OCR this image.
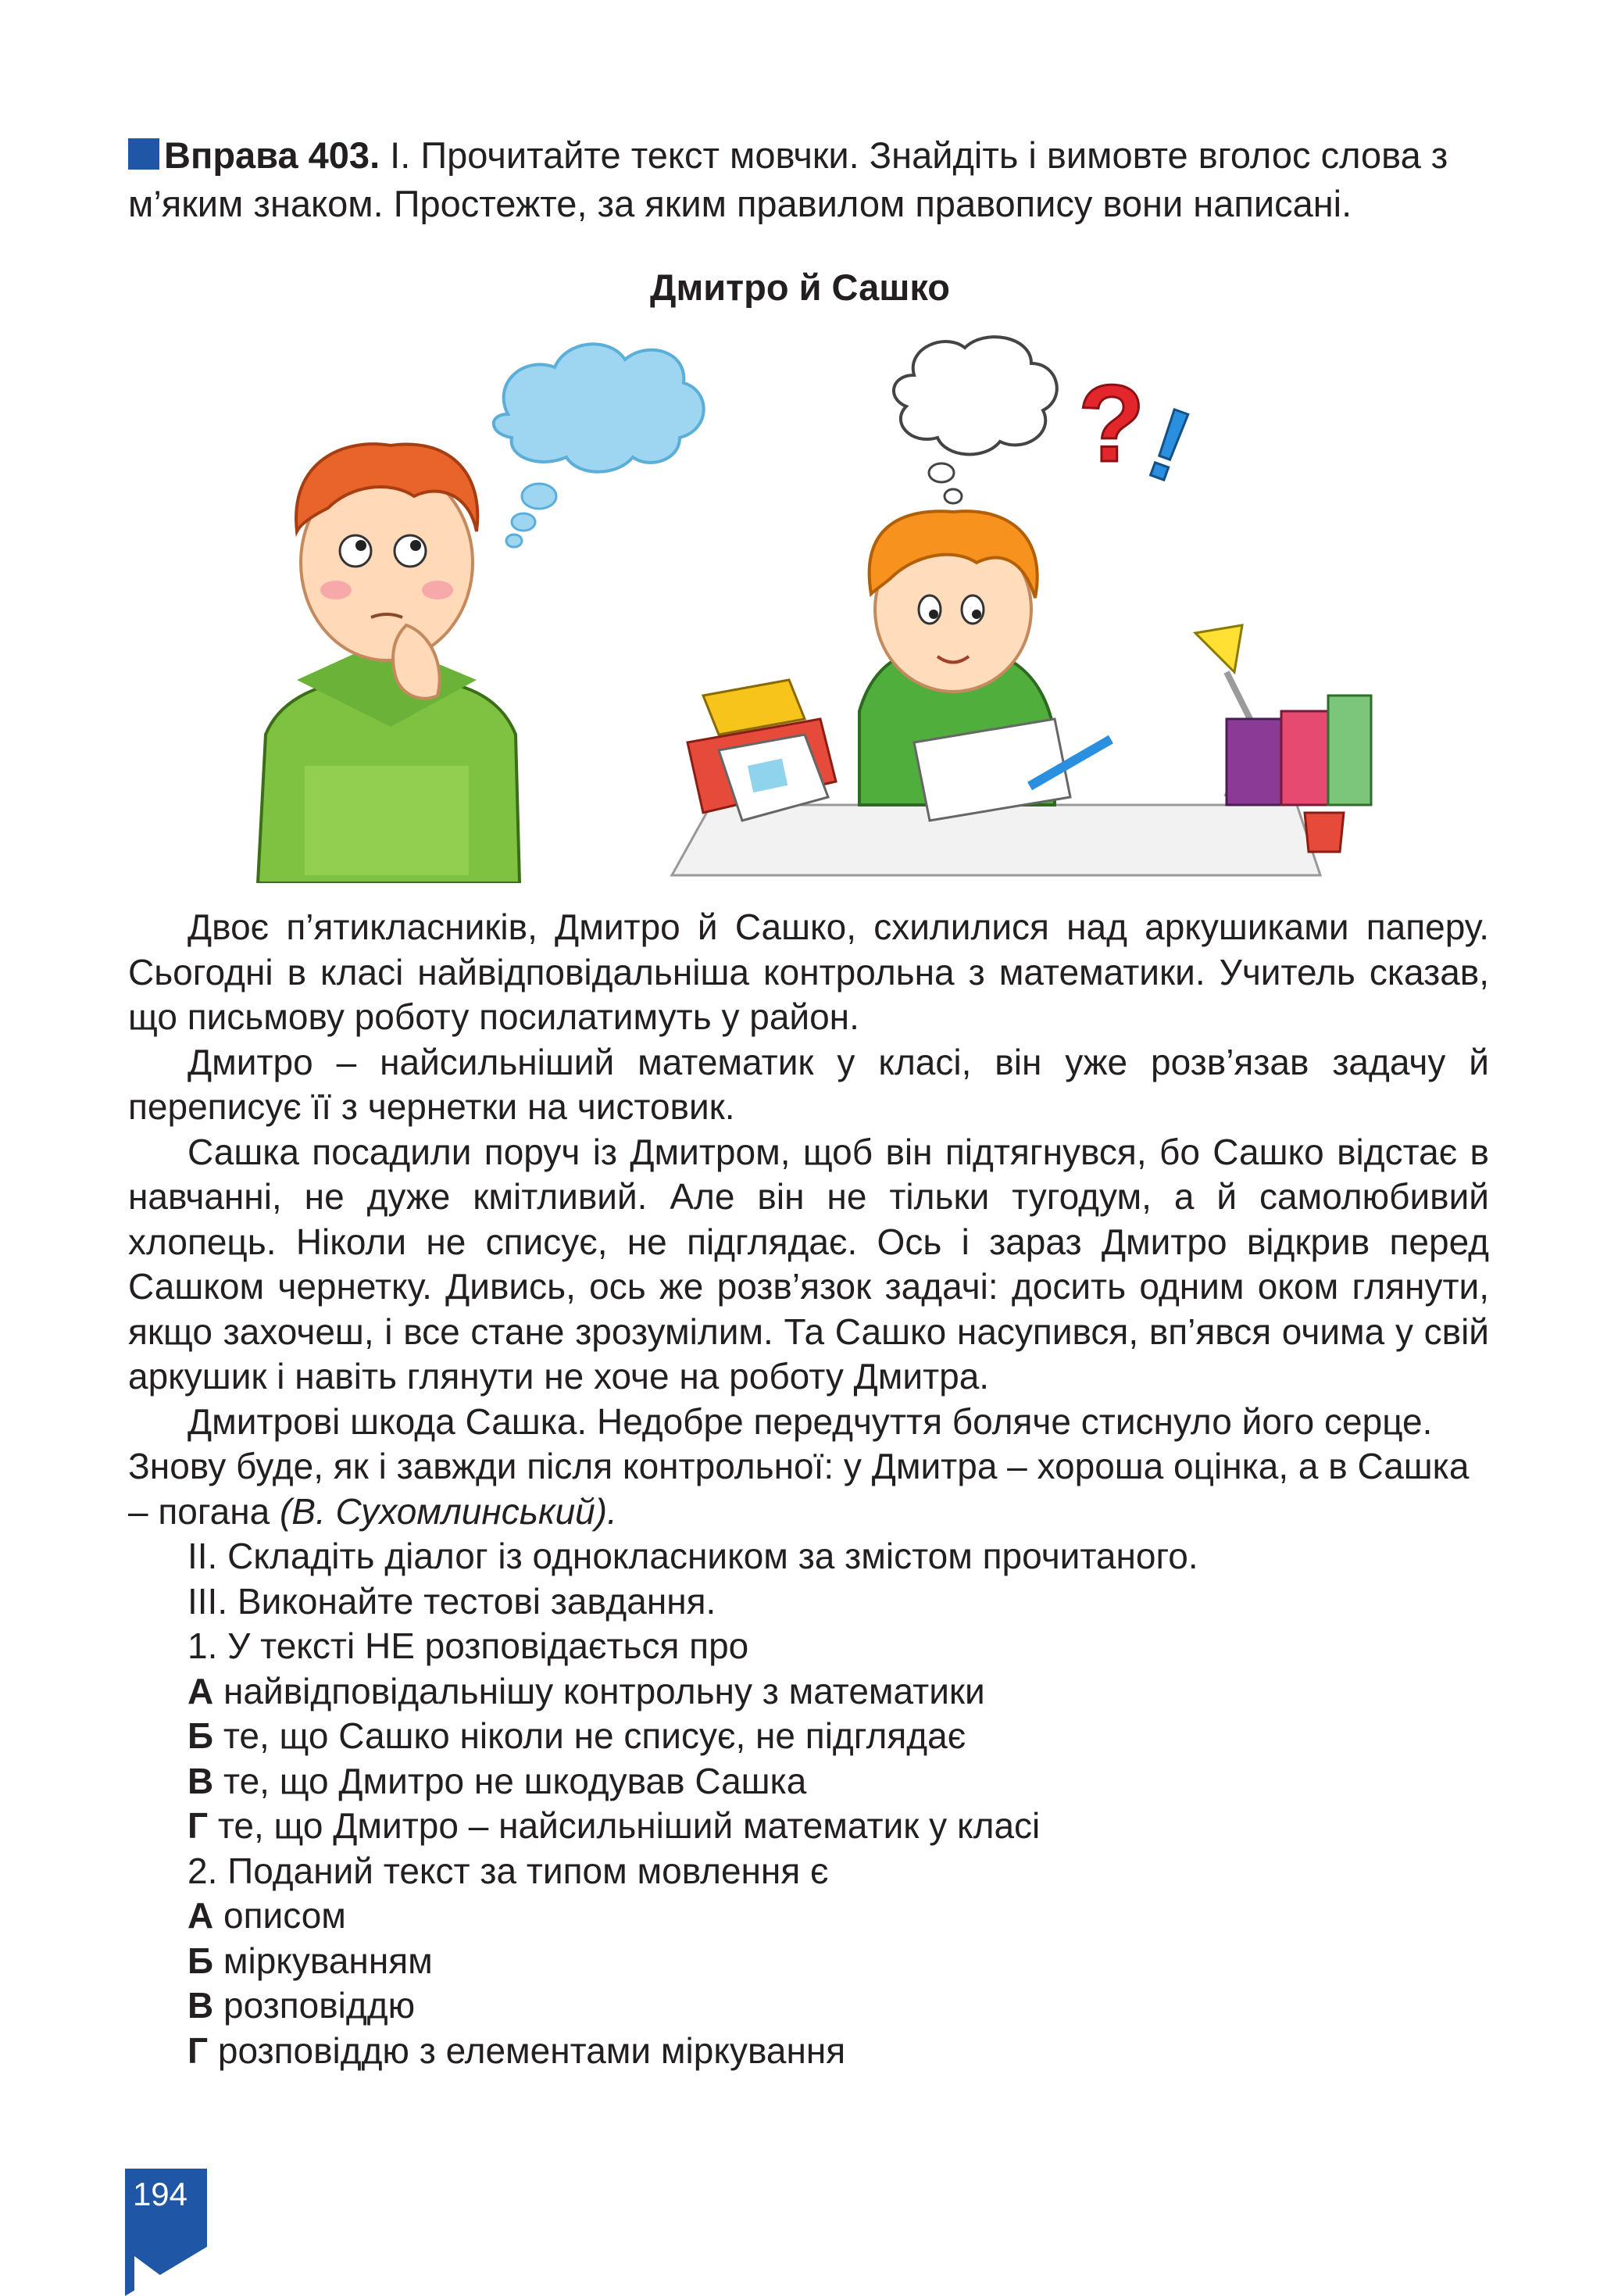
Вправа 403. І. Прочитайте текст мовчки. Знайдіть і вимовте вголос слова з м’яким знаком. Простежте, за яким правилом правопису вони написані.

Дмитро й Сашко
?
!

Двоє п’ятикласників, Дмитро й Сашко, схилилися над аркушиками паперу. Сьогодні в класі найвідповідальніша контрольна з математики. Учитель сказав, що письмову роботу посилатимуть у район.

Дмитро – найсильніший математик у класі, він уже розв’язав задачу й переписує її з чернетки на чистовик.

Сашка посадили поруч із Дмитром, щоб він підтягнувся, бо Сашко відстає в навчанні, не дуже кмітливий. Але він не тільки тугодум, а й самолюбивий хлопець. Ніколи не списує, не підглядає. Ось і зараз Дмитро відкрив перед Сашком чернетку. Дивись, ось же розв’язок задачі: досить одним оком глянути, якщо захочеш, і все стане зрозумілим. Та Сашко насупився, вп’явся очима у свій аркушик і навіть глянути не хоче на роботу Дмитра.

Дмитрові шкода Сашка. Недобре передчуття боляче стиснуло його серце. Знову буде, як і завжди після контрольної: у Дмитра – хороша оцінка, а в Сашка – погана (В. Сухомлинський).

ІІ. Складіть діалог із однокласником за змістом прочитаного.
ІІІ. Виконайте тестові завдання.
1. У тексті НЕ розповідається про
А найвідповідальнішу контрольну з математики
Б те, що Сашко ніколи не списує, не підглядає
В те, що Дмитро не шкодував Сашка
Г те, що Дмитро – найсильніший математик у класі
2. Поданий текст за типом мовлення є
А описом
Б міркуванням
В розповіддю
Г розповіддю з елементами міркування
194
